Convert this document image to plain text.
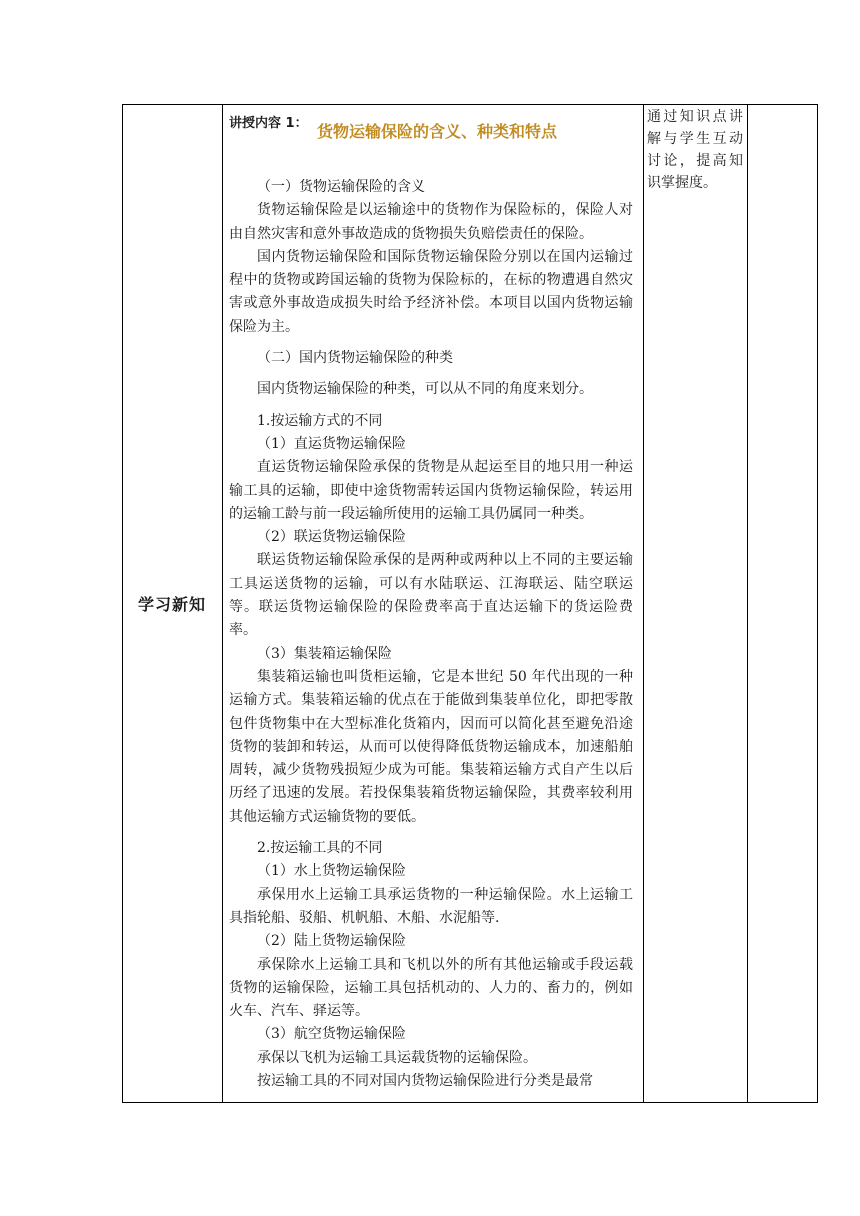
学习新知
讲授内容 1： 货物运输保险的含义、种类和特点

（一）货物运输保险的含义

货物运输保险是以运输途中的货物作为保险标的，保险人对由自然灾害和意外事故造成的货物损失负赔偿责任的保险。

国内货物运输保险和国际货物运输保险分别以在国内运输过程中的货物或跨国运输的货物为保险标的，在标的物遭遇自然灾害或意外事故造成损失时给予经济补偿。本项目以国内货物运输保险为主。

（二）国内货物运输保险的种类

国内货物运输保险的种类，可以从不同的角度来划分。

1.按运输方式的不同

（1）直运货物运输保险

直运货物运输保险承保的货物是从起运至目的地只用一种运输工具的运输，即使中途货物需转运国内货物运输保险，转运用的运输工龄与前一段运输所使用的运输工具仍属同一种类。

（2）联运货物运输保险

联运货物运输保险承保的是两种或两种以上不同的主要运输工具运送货物的运输，可以有水陆联运、江海联运、陆空联运等。联运货物运输保险的保险费率高于直达运输下的货运险费率。

（3）集装箱运输保险

集装箱运输也叫货柜运输，它是本世纪 50 年代出现的一种运输方式。集装箱运输的优点在于能做到集装单位化，即把零散包件货物集中在大型标准化货箱内，因而可以简化甚至避免沿途货物的装卸和转运，从而可以使得降低货物运输成本，加速船舶周转，减少货物残损短少成为可能。集装箱运输方式自产生以后历经了迅速的发展。若投保集装箱货物运输保险，其费率较利用其他运输方式运输货物的要低。

2.按运输工具的不同

（1）水上货物运输保险

承保用水上运输工具承运货物的一种运输保险。水上运输工具指轮船、驳船、机帆船、木船、水泥船等.

（2）陆上货物运输保险

承保除水上运输工具和飞机以外的所有其他运输或手段运载货物的运输保险，运输工具包括机动的、人力的、畜力的，例如火车、汽车、驿运等。

（3）航空货物运输保险

承保以飞机为运输工具运载货物的运输保险。

按运输工具的不同对国内货物运输保险进行分类是最常

通过知识点讲解与学生互动讨论，提高知识掌握度。
